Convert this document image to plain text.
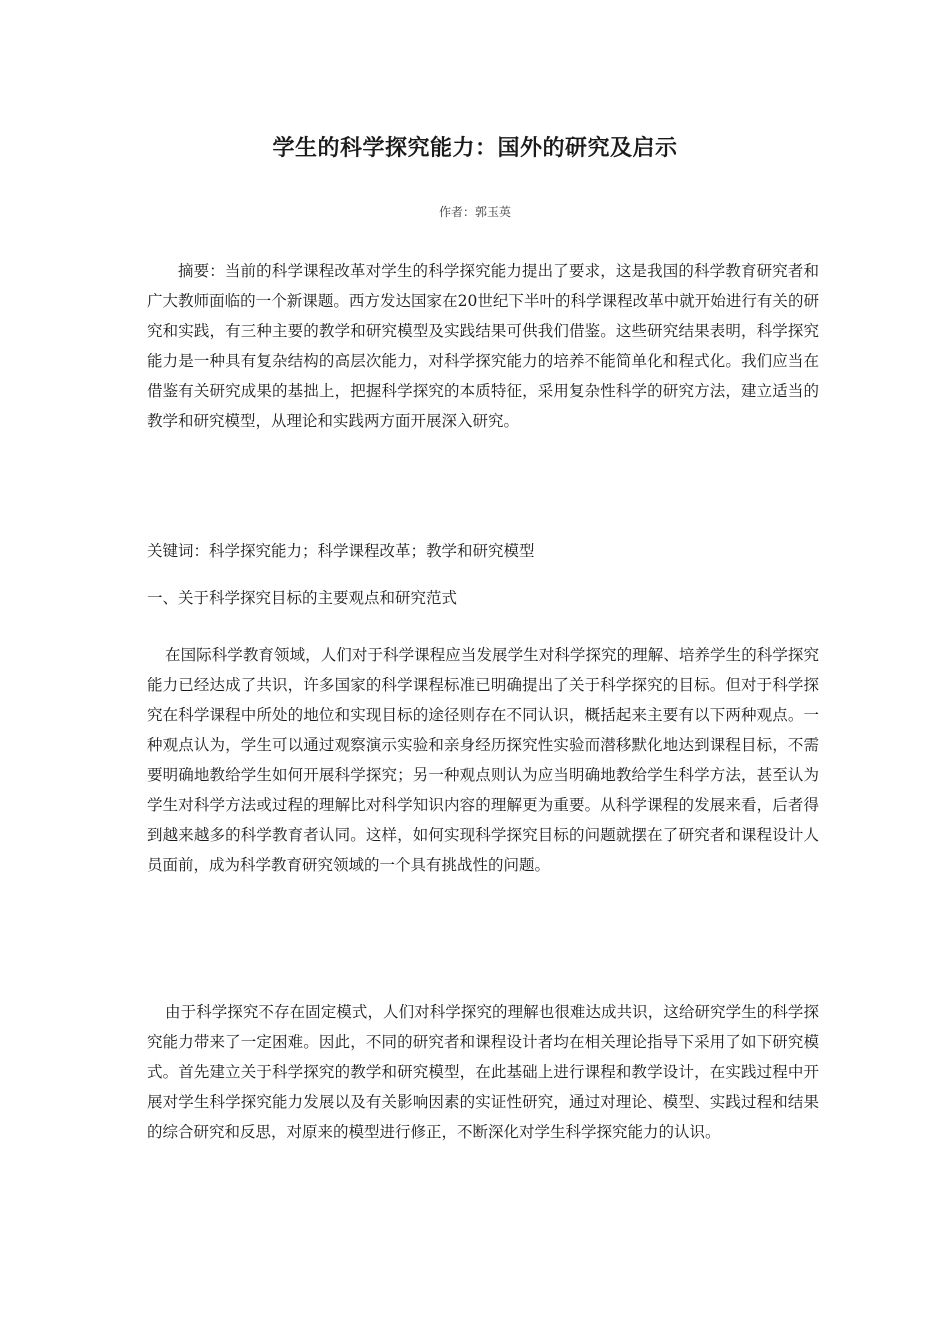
学生的科学探究能力：国外的研究及启示
作者：郭玉英

摘要：当前的科学课程改革对学生的科学探究能力提出了要求，这是我国的科学教育研究者和广大教师面临的一个新课题。西方发达国家在20世纪下半叶的科学课程改革中就开始进行有关的研究和实践，有三种主要的教学和研究模型及实践结果可供我们借鉴。这些研究结果表明，科学探究能力是一种具有复杂结构的高层次能力，对科学探究能力的培养不能简单化和程式化。我们应当在借鉴有关研究成果的基拙上，把握科学探究的本质特征，采用复杂性科学的研究方法，建立适当的教学和研究模型，从理论和实践两方面开展深入研究。

关键词：科学探究能力；科学课程改革；教学和研究模型

一、关于科学探究目标的主要观点和研究范式

在国际科学教育领域，人们对于科学课程应当发展学生对科学探究的理解、培养学生的科学探究能力已经达成了共识，许多国家的科学课程标准已明确提出了关于科学探究的目标。但对于科学探究在科学课程中所处的地位和实现目标的途径则存在不同认识，概括起来主要有以下两种观点。一种观点认为，学生可以通过观察演示实验和亲身经历探究性实验而潜移默化地达到课程目标，不需要明确地教给学生如何开展科学探究；另一种观点则认为应当明确地教给学生科学方法，甚至认为学生对科学方法或过程的理解比对科学知识内容的理解更为重要。从科学课程的发展来看，后者得到越来越多的科学教育者认同。这样，如何实现科学探究目标的问题就摆在了研究者和课程设计人员面前，成为科学教育研究领域的一个具有挑战性的问题。

由于科学探究不存在固定模式，人们对科学探究的理解也很难达成共识，这给研究学生的科学探究能力带来了一定困难。因此，不同的研究者和课程设计者均在相关理论指导下采用了如下研究模式。首先建立关于科学探究的教学和研究模型，在此基础上进行课程和教学设计，在实践过程中开展对学生科学探究能力发展以及有关影响因素的实证性研究，通过对理论、模型、实践过程和结果的综合研究和反思，对原来的模型进行修正，不断深化对学生科学探究能力的认识。
